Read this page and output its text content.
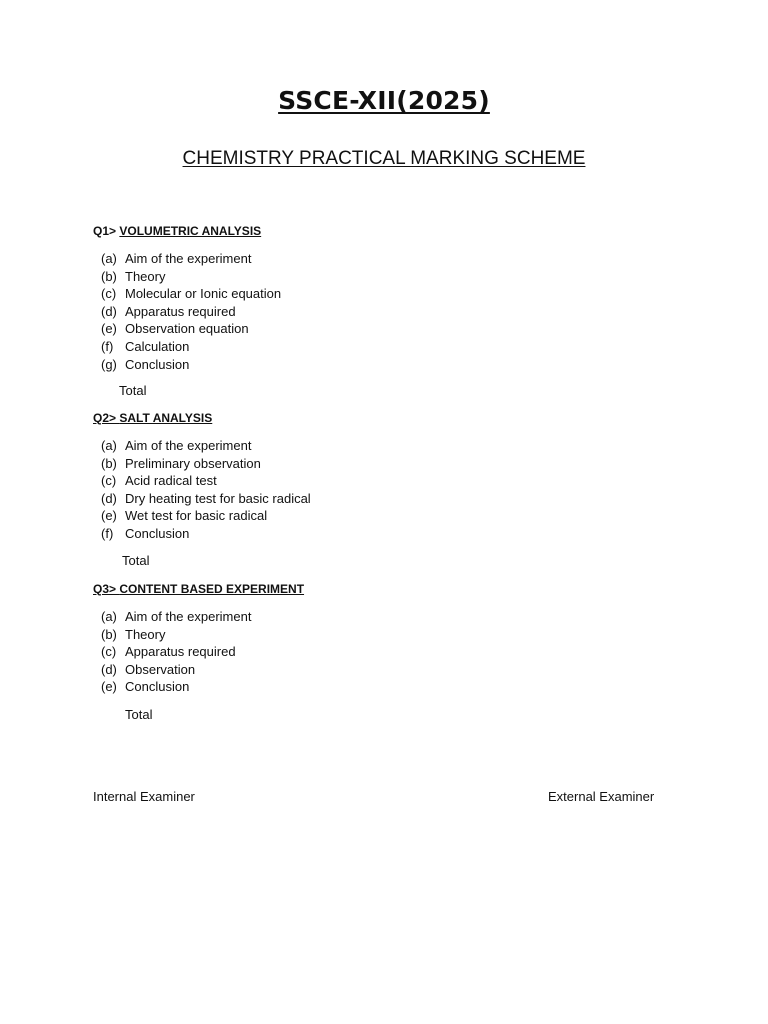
SSCE-XII(2025)
CHEMISTRY PRACTICAL MARKING SCHEME

Q1> VOLUMETRIC ANALYSIS

(a) Aim of the experiment
(b) Theory
(c) Molecular or Ionic equation
(d) Apparatus required
(e) Observation equation
(f) Calculation
(g) Conclusion
Total

Q2> SALT ANALYSIS

(a) Aim of the experiment
(b) Preliminary observation
(c) Acid radical test
(d) Dry heating test for basic radical
(e) Wet test for basic radical
(f) Conclusion
Total

Q3> CONTENT BASED EXPERIMENT

(a) Aim of the experiment
(b) Theory
(c) Apparatus required
(d) Observation
(e) Conclusion
Total
Internal Examiner	External Examiner
